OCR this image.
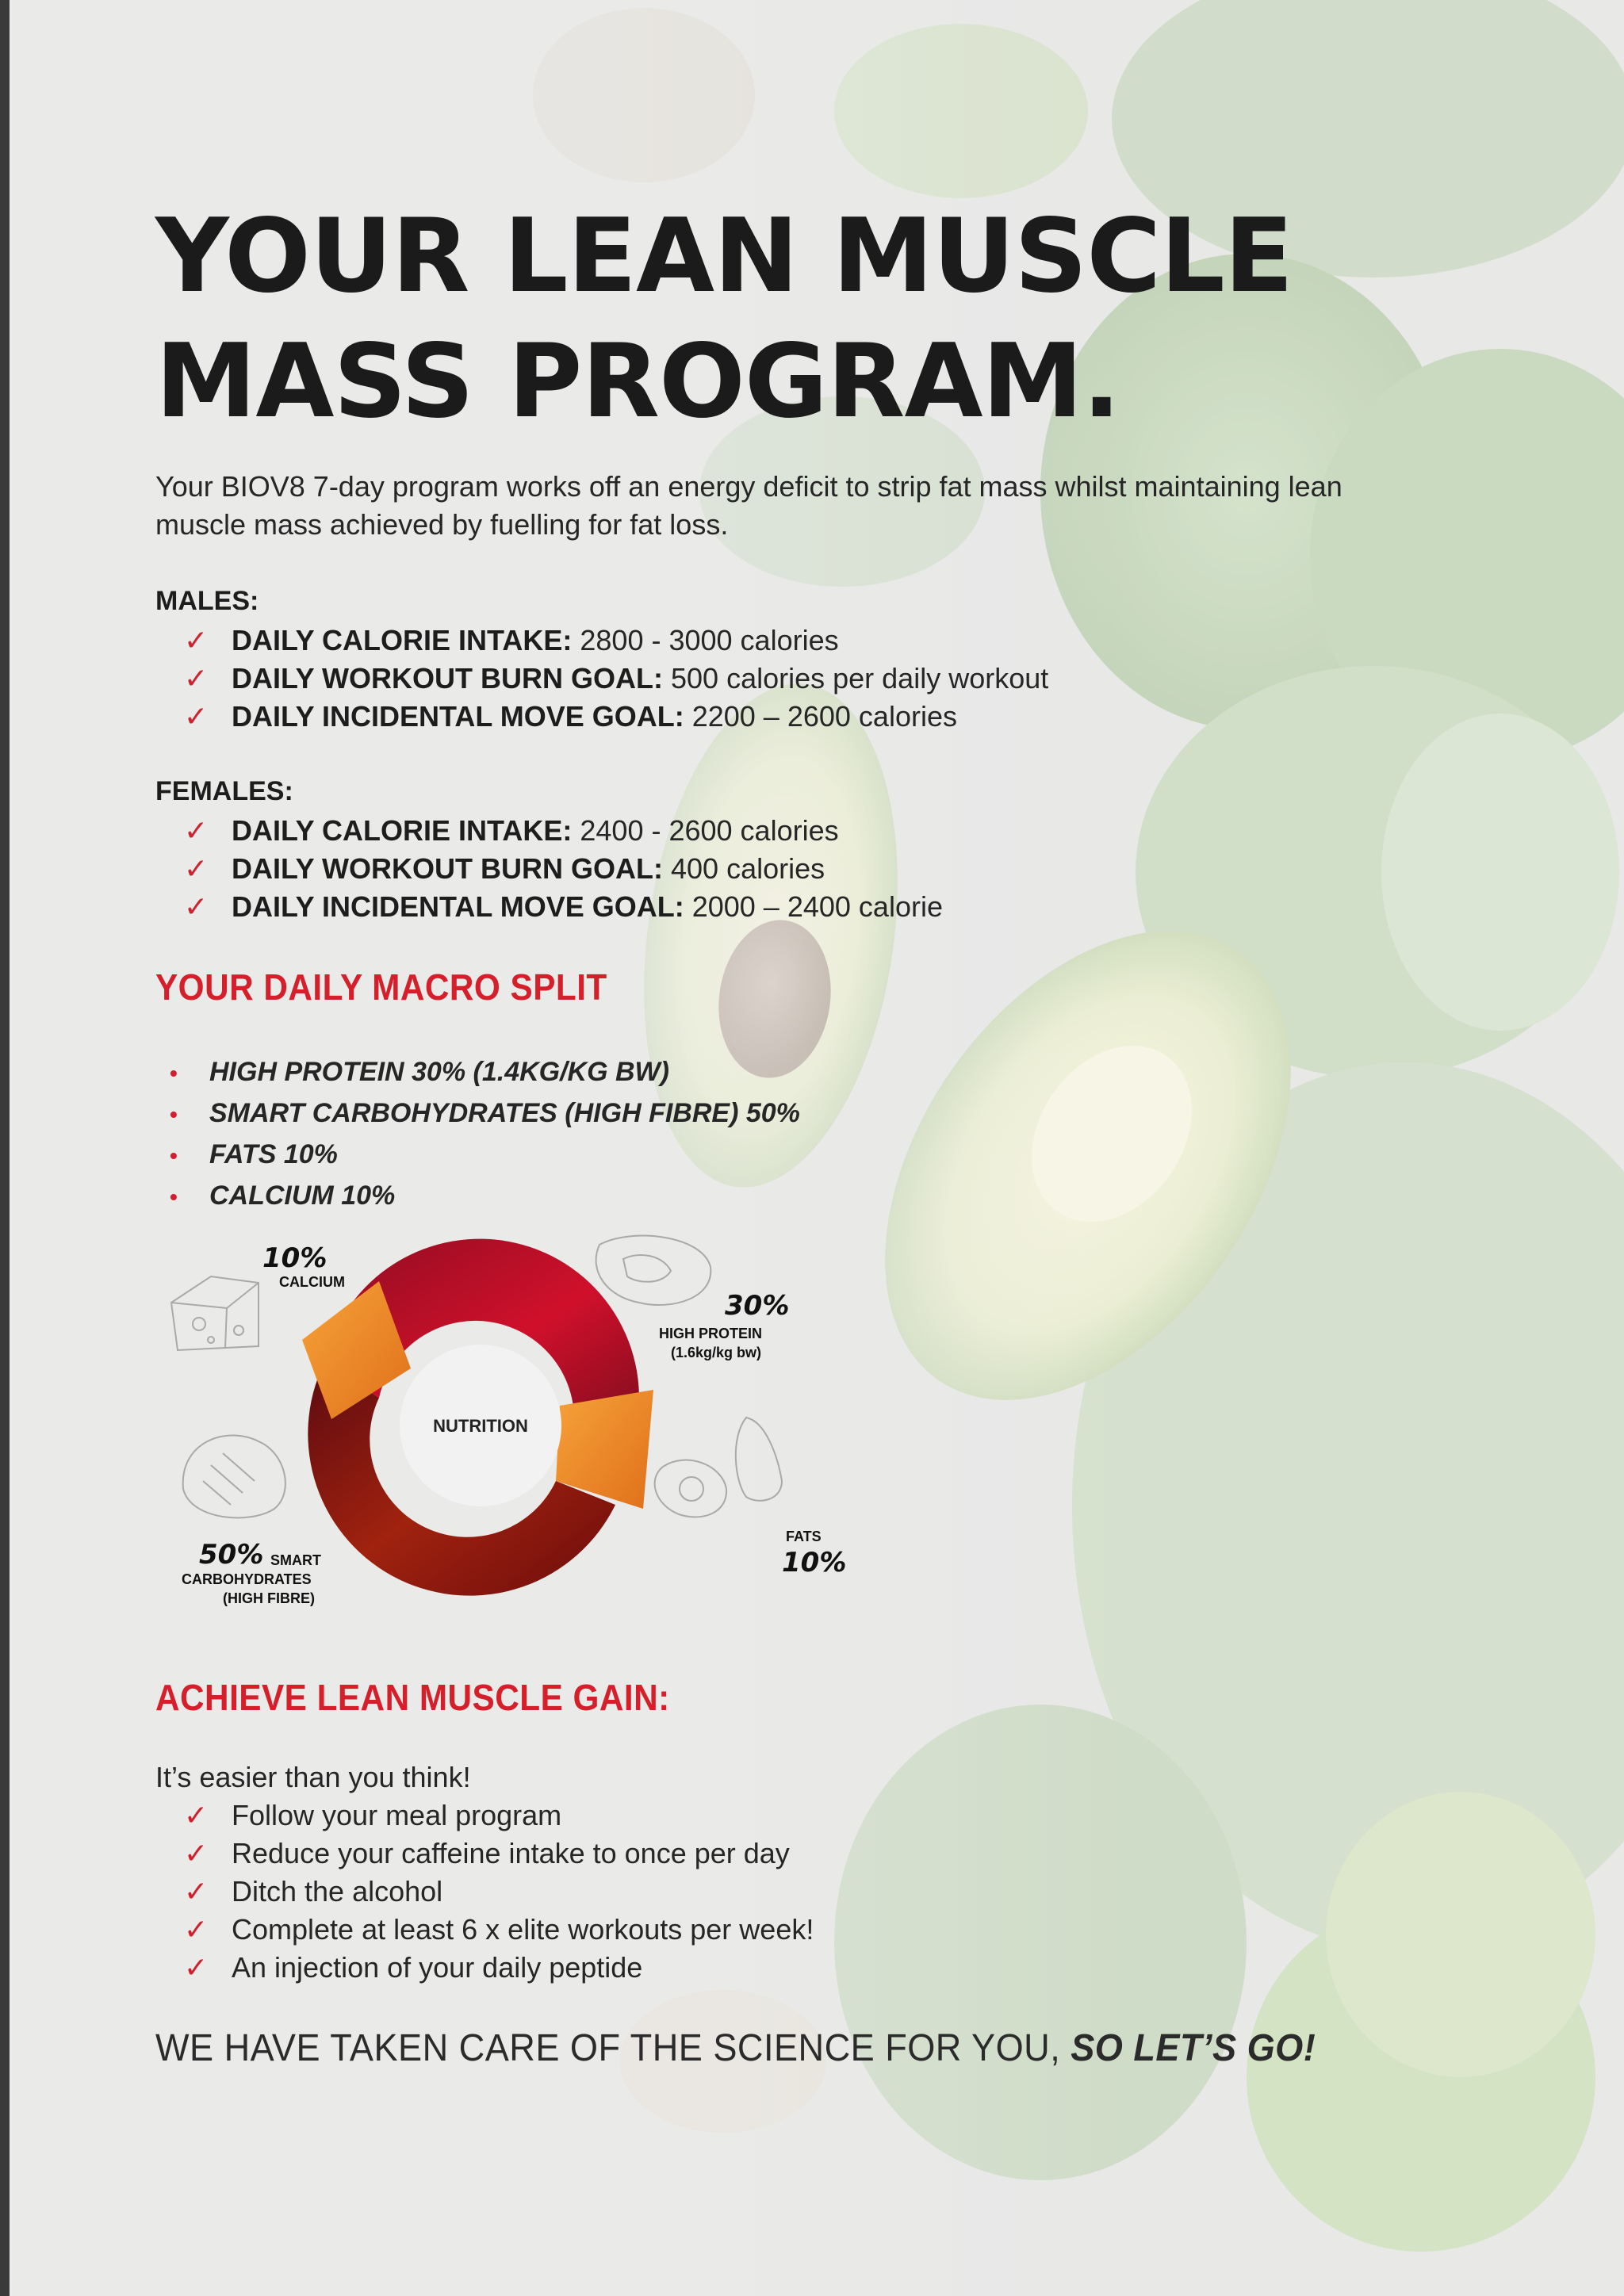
YOUR LEAN MUSCLE
MASS PROGRAM.

Your BIOV8 7-day program works off an energy deficit to strip fat mass whilst maintaining lean muscle mass achieved by fuelling for fat loss.

MALES:

✓ DAILY CALORIE INTAKE: 2800 - 3000 calories
✓ DAILY WORKOUT BURN GOAL: 500 calories per daily workout
✓ DAILY INCIDENTAL MOVE GOAL: 2200 – 2600 calories

FEMALES:

✓ DAILY CALORIE INTAKE: 2400 - 2600 calories
✓ DAILY WORKOUT BURN GOAL: 400 calories
✓ DAILY INCIDENTAL MOVE GOAL: 2000 – 2400 calorie
YOUR DAILY MACRO SPLIT
• HIGH PROTEIN 30% (1.4KG/KG BW)
• SMART CARBOHYDRATES (HIGH FIBRE) 50%
• FATS 10%
• CALCIUM 10%
ACHIEVE LEAN MUSCLE GAIN:

It’s easier than you think!

✓ Follow your meal program
✓ Reduce your caffeine intake to once per day
✓ Ditch the alcohol
✓ Complete at least 6 x elite workouts per week!
✓ An injection of your daily peptide

WE HAVE TAKEN CARE OF THE SCIENCE FOR YOU, SO LET’S GO!

NUTRITION
10%
CALCIUM
30%
HIGH PROTEIN
(1.6kg/kg bw)
FATS
10%
50% SMART
CARBOHYDRATES
(HIGH FIBRE)
